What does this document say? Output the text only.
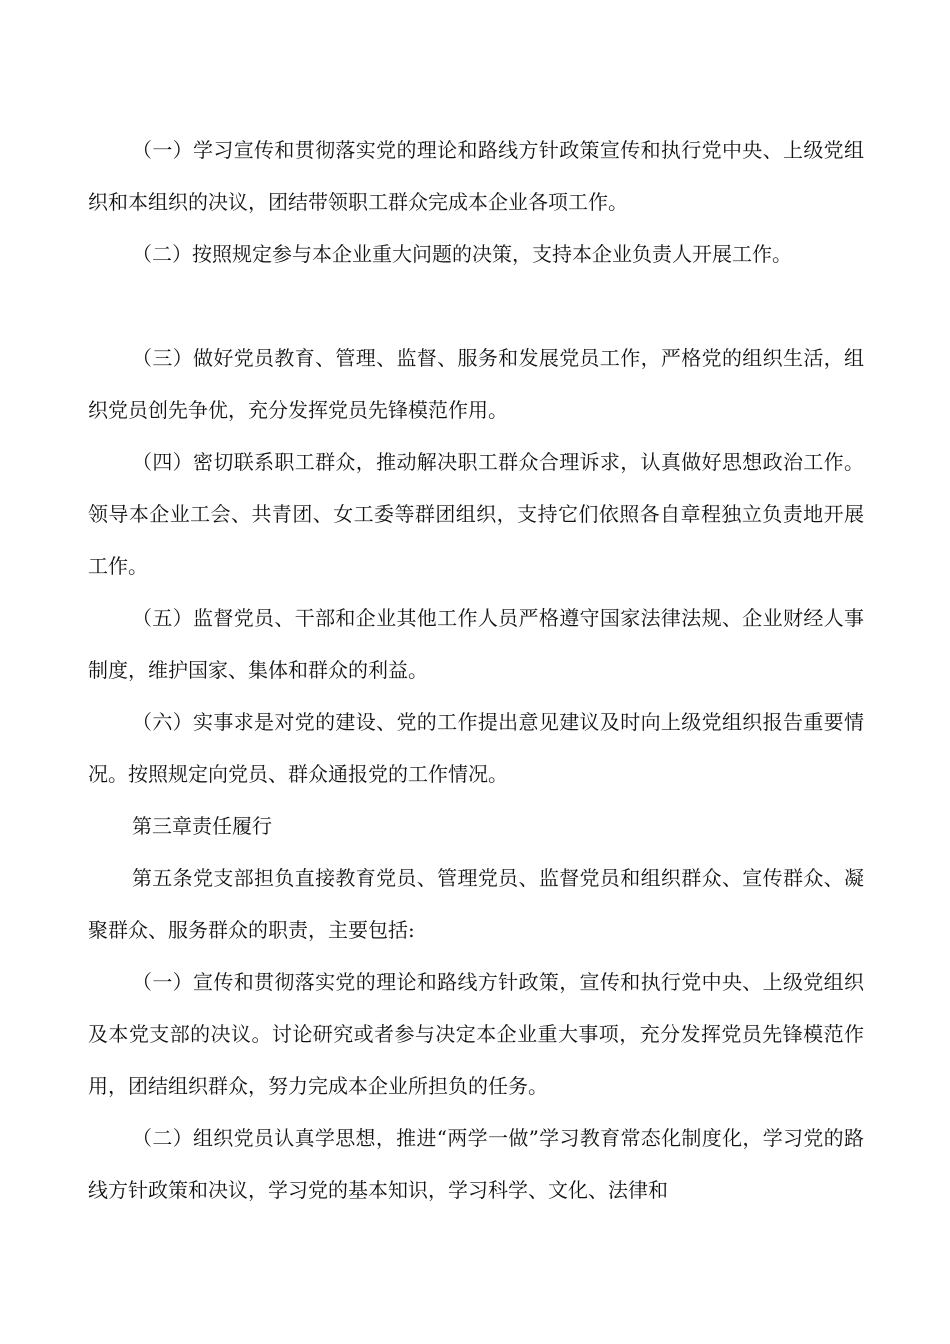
（一）学习宣传和贯彻落实党的理论和路线方针政策宣传和执行党中央、上级党组织和本组织的决议，团结带领职工群众完成本企业各项工作。

（二）按照规定参与本企业重大问题的决策，支持本企业负责人开展工作。

（三）做好党员教育、管理、监督、服务和发展党员工作，严格党的组织生活，组织党员创先争优，充分发挥党员先锋模范作用。

（四）密切联系职工群众，推动解决职工群众合理诉求，认真做好思想政治工作。领导本企业工会、共青团、女工委等群团组织，支持它们依照各自章程独立负责地开展工作。

（五）监督党员、干部和企业其他工作人员严格遵守国家法律法规、企业财经人事制度，维护国家、集体和群众的利益。

（六）实事求是对党的建设、党的工作提出意见建议及时向上级党组织报告重要情况。按照规定向党员、群众通报党的工作情况。

第三章责任履行

第五条党支部担负直接教育党员、管理党员、监督党员和组织群众、宣传群众、凝聚群众、服务群众的职责，主要包括:

（一）宣传和贯彻落实党的理论和路线方针政策，宣传和执行党中央、上级党组织及本党支部的决议。讨论研究或者参与决定本企业重大事项，充分发挥党员先锋模范作用，团结组织群众，努力完成本企业所担负的任务。

（二）组织党员认真学思想，推进“两学一做”学习教育常态化制度化，学习党的路线方针政策和决议，学习党的基本知识，学习科学、文化、法律和
